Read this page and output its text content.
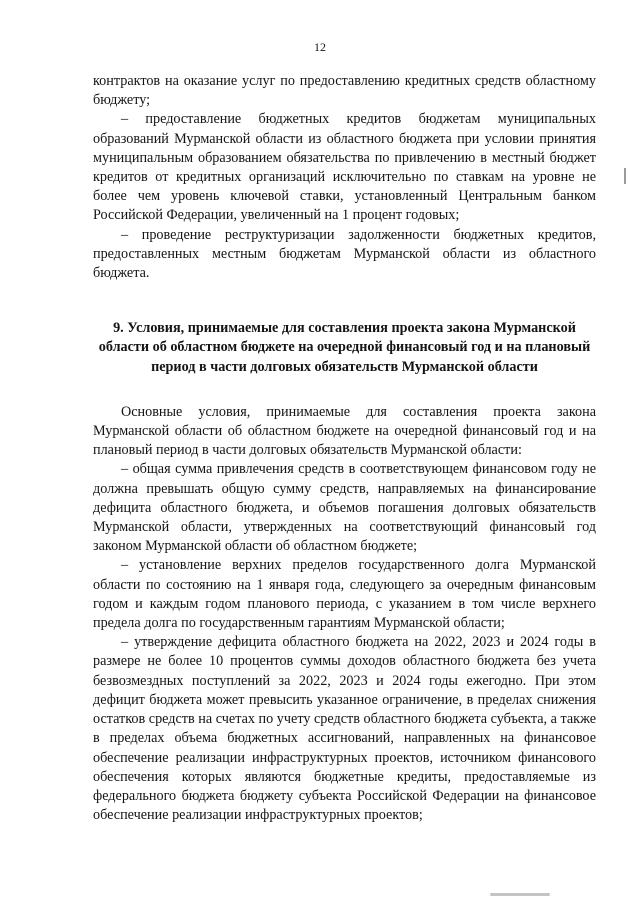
12

контрактов на оказание услуг по предоставлению кредитных средств областному бюджету;

– предоставление бюджетных кредитов бюджетам муниципальных образований Мурманской области из областного бюджета при условии принятия муниципальным образованием обязательства по привлечению в местный бюджет кредитов от кредитных организаций исключительно по ставкам на уровне не более чем уровень ключевой ставки, установленный Центральным банком Российской Федерации, увеличенный на 1 процент годовых;

– проведение реструктуризации задолженности бюджетных кредитов, предоставленных местным бюджетам Мурманской области из областного бюджета.

9. Условия, принимаемые для составления проекта закона Мурманской области об областном бюджете на очередной финансовый год и на плановый период в части долговых обязательств Мурманской области

Основные условия, принимаемые для составления проекта закона Мурманской области об областном бюджете на очередной финансовый год и на плановый период в части долговых обязательств Мурманской области:

– общая сумма привлечения средств в соответствующем финансовом году не должна превышать общую сумму средств, направляемых на финансирование дефицита областного бюджета, и объемов погашения долговых обязательств Мурманской области, утвержденных на соответствующий финансовый год законом Мурманской области об областном бюджете;

– установление верхних пределов государственного долга Мурманской области по состоянию на 1 января года, следующего за очередным финансовым годом и каждым годом планового периода, с указанием в том числе верхнего предела долга по государственным гарантиям Мурманской области;

– утверждение дефицита областного бюджета на 2022, 2023 и 2024 годы в размере не более 10 процентов суммы доходов областного бюджета без учета безвозмездных поступлений за 2022, 2023 и 2024 годы ежегодно. При этом дефицит бюджета может превысить указанное ограничение, в пределах снижения остатков средств на счетах по учету средств областного бюджета субъекта, а также в пределах объема бюджетных ассигнований, направленных на финансовое обеспечение реализации инфраструктурных проектов, источником финансового обеспечения которых являются бюджетные кредиты, предоставляемые из федерального бюджета бюджету субъекта Российской Федерации на финансовое обеспечение реализации инфраструктурных проектов;
